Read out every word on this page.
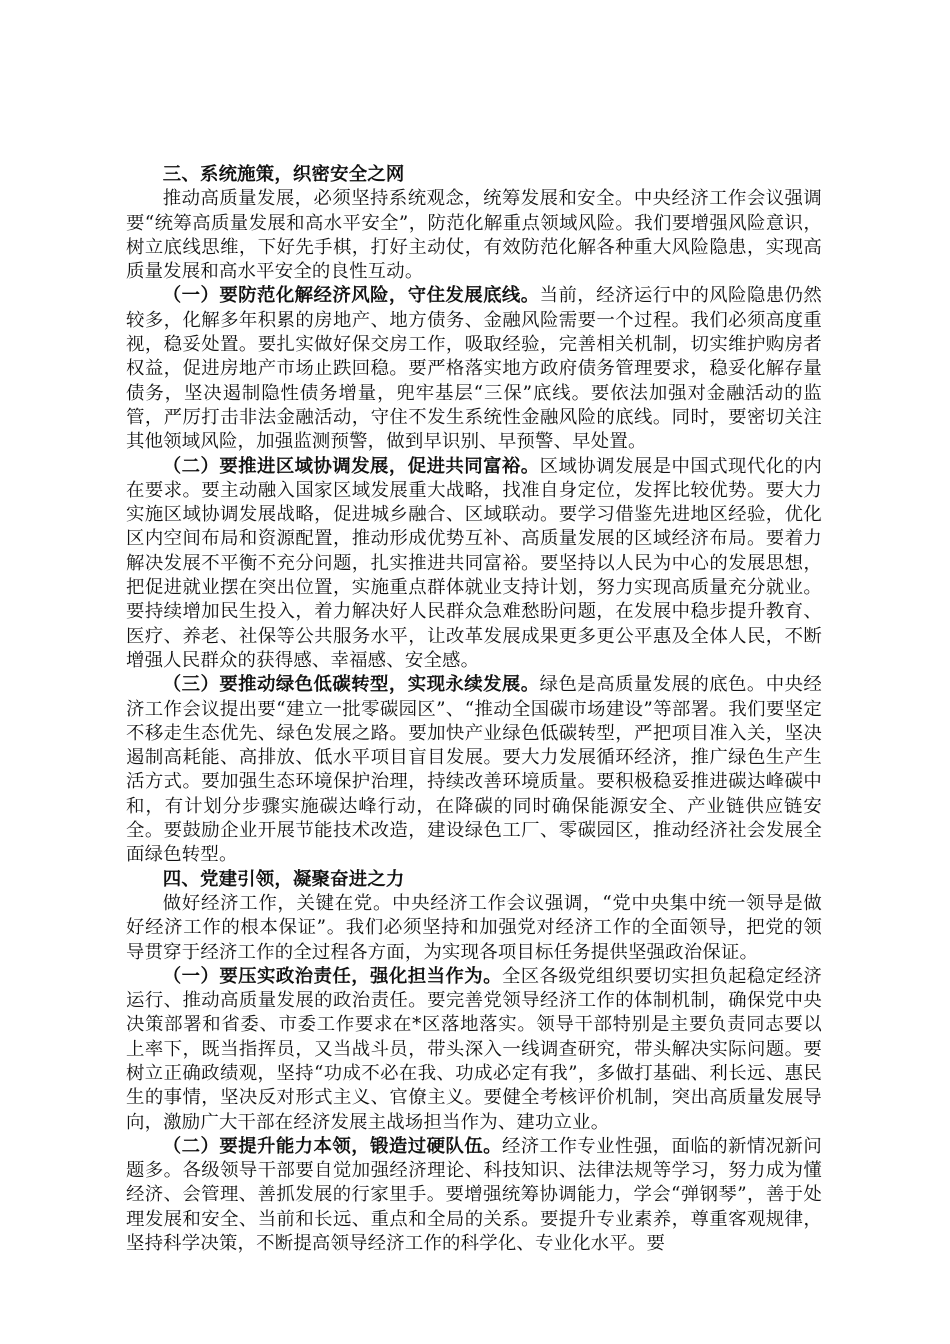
三、系统施策，织密安全之网

推动高质量发展，必须坚持系统观念，统筹发展和安全。中央经济工作会议强调要“统筹高质量发展和高水平安全”，防范化解重点领域风险。我们要增强风险意识，树立底线思维，下好先手棋，打好主动仗，有效防范化解各种重大风险隐患，实现高质量发展和高水平安全的良性互动。

（一）要防范化解经济风险，守住发展底线。当前，经济运行中的风险隐患仍然较多，化解多年积累的房地产、地方债务、金融风险需要一个过程。我们必须高度重视，稳妥处置。要扎实做好保交房工作，吸取经验，完善相关机制，切实维护购房者权益，促进房地产市场止跌回稳。要严格落实地方政府债务管理要求，稳妥化解存量债务，坚决遏制隐性债务增量，兜牢基层“三保”底线。要依法加强对金融活动的监管，严厉打击非法金融活动，守住不发生系统性金融风险的底线。同时，要密切关注其他领域风险，加强监测预警，做到早识别、早预警、早处置。

（二）要推进区域协调发展，促进共同富裕。区域协调发展是中国式现代化的内在要求。要主动融入国家区域发展重大战略，找准自身定位，发挥比较优势。要大力实施区域协调发展战略，促进城乡融合、区域联动。要学习借鉴先进地区经验，优化区内空间布局和资源配置，推动形成优势互补、高质量发展的区域经济布局。要着力解决发展不平衡不充分问题，扎实推进共同富裕。要坚持以人民为中心的发展思想，把促进就业摆在突出位置，实施重点群体就业支持计划，努力实现高质量充分就业。要持续增加民生投入，着力解决好人民群众急难愁盼问题，在发展中稳步提升教育、医疗、养老、社保等公共服务水平，让改革发展成果更多更公平惠及全体人民，不断增强人民群众的获得感、幸福感、安全感。

（三）要推动绿色低碳转型，实现永续发展。绿色是高质量发展的底色。中央经济工作会议提出要“建立一批零碳园区”、“推动全国碳市场建设”等部署。我们要坚定不移走生态优先、绿色发展之路。要加快产业绿色低碳转型，严把项目准入关，坚决遏制高耗能、高排放、低水平项目盲目发展。要大力发展循环经济，推广绿色生产生活方式。要加强生态环境保护治理，持续改善环境质量。要积极稳妥推进碳达峰碳中和，有计划分步骤实施碳达峰行动，在降碳的同时确保能源安全、产业链供应链安全。要鼓励企业开展节能技术改造，建设绿色工厂、零碳园区，推动经济社会发展全面绿色转型。

四、党建引领，凝聚奋进之力

做好经济工作，关键在党。中央经济工作会议强调，“党中央集中统一领导是做好经济工作的根本保证”。我们必须坚持和加强党对经济工作的全面领导，把党的领导贯穿于经济工作的全过程各方面，为实现各项目标任务提供坚强政治保证。

（一）要压实政治责任，强化担当作为。全区各级党组织要切实担负起稳定经济运行、推动高质量发展的政治责任。要完善党领导经济工作的体制机制，确保党中央决策部署和省委、市委工作要求在*区落地落实。领导干部特别是主要负责同志要以上率下，既当指挥员，又当战斗员，带头深入一线调查研究，带头解决实际问题。要树立正确政绩观，坚持“功成不必在我、功成必定有我”，多做打基础、利长远、惠民生的事情，坚决反对形式主义、官僚主义。要健全考核评价机制，突出高质量发展导向，激励广大干部在经济发展主战场担当作为、建功立业。

（二）要提升能力本领，锻造过硬队伍。经济工作专业性强，面临的新情况新问题多。各级领导干部要自觉加强经济理论、科技知识、法律法规等学习，努力成为懂经济、会管理、善抓发展的行家里手。要增强统筹协调能力，学会“弹钢琴”，善于处理发展和安全、当前和长远、重点和全局的关系。要提升专业素养，尊重客观规律，坚持科学决策，不断提高领导经济工作的科学化、专业化水平。要
